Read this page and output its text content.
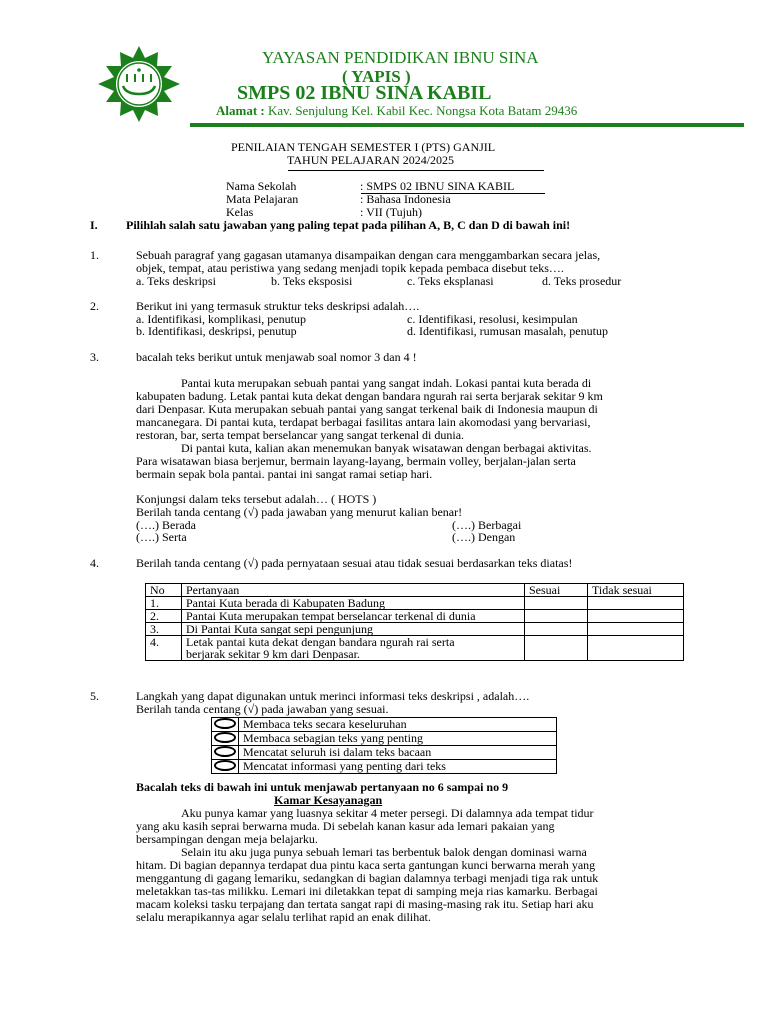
YAYASAN PENDIDIKAN IBNU SINA
( YAPIS )
SMPS 02 IBNU SINA KABIL
Alamat : Kav. Senjulung Kel. Kabil Kec. Nongsa Kota Batam 29436
PENILAIAN TENGAH SEMESTER I (PTS) GANJIL
TAHUN PELAJARAN 2024/2025
Nama Sekolah	: SMPS 02 IBNU SINA KABIL
Mata Pelajaran	: Bahasa Indonesia
Kelas	: VII (Tujuh)
I. Pilihlah salah satu jawaban yang paling tepat pada pilihan A, B, C dan D di bawah ini!
1.	Sebuah paragraf yang gagasan utamanya disampaikan dengan cara menggambarkan secara jelas,
objek, tempat, atau peristiwa yang sedang menjadi topik kepada pembaca disebut teks….
a. Teks deskripsi	b. Teks eksposisi	c. Teks eksplanasi	d. Teks prosedur
2.	Berikut ini yang termasuk struktur teks deskripsi adalah….
a. Identifikasi, komplikasi, penutup	c. Identifikasi, resolusi, kesimpulan
b. Identifikasi, deskripsi, penutup	d. Identifikasi, rumusan masalah, penutup
3.	bacalah teks berikut untuk menjawab soal nomor 3 dan 4 !
Pantai kuta merupakan sebuah pantai yang sangat indah. Lokasi pantai kuta berada di
kabupaten badung. Letak pantai kuta dekat dengan bandara ngurah rai serta berjarak sekitar 9 km
dari Denpasar. Kuta merupakan sebuah pantai yang sangat terkenal baik di Indonesia maupun di
mancanegara. Di pantai kuta, terdapat berbagai fasilitas antara lain akomodasi yang bervariasi,
restoran, bar, serta tempat berselancar yang sangat terkenal di dunia.
Di pantai kuta, kalian akan menemukan banyak wisatawan dengan berbagai aktivitas.
Para wisatawan biasa berjemur, bermain layang-layang, bermain volley, berjalan-jalan serta
bermain sepak bola pantai. pantai ini sangat ramai setiap hari.
Konjungsi dalam teks tersebut adalah… ( HOTS )
Berilah tanda centang (√) pada jawaban yang menurut kalian benar!
(….) Berada	(….) Berbagai
(….) Serta	(….) Dengan
4.	Berilah tanda centang (√) pada pernyataan sesuai atau tidak sesuai berdasarkan teks diatas!
No	Pertanyaan	Sesuai	Tidak sesuai
1.	Pantai Kuta berada di Kabupaten Badung		
2.	Pantai Kuta merupakan tempat berselancar terkenal di dunia		
3.	Di Pantai Kuta sangat sepi pengunjung		
4.	Letak pantai kuta dekat dengan bandara ngurah rai serta
berjarak sekitar 9 km dari Denpasar.		

5.	Langkah yang dapat digunakan untuk merinci informasi teks deskripsi , adalah….
Berilah tanda centang (√) pada jawaban yang sesuai.
	Membaca teks secara keseluruhan
	Membaca sebagian teks yang penting
	Mencatat seluruh isi dalam teks bacaan
	Mencatat informasi yang penting dari teks
Bacalah teks di bawah ini untuk menjawab pertanyaan no 6 sampai no 9
Kamar Kesayanagan
Aku punya kamar yang luasnya sekitar 4 meter persegi. Di dalamnya ada tempat tidur
yang aku kasih seprai berwarna muda. Di sebelah kanan kasur ada lemari pakaian yang
bersampingan dengan meja belajarku.
Selain itu aku juga punya sebuah lemari tas berbentuk balok dengan dominasi warna
hitam. Di bagian depannya terdapat dua pintu kaca serta gantungan kunci berwarna merah yang
menggantung di gagang lemariku, sedangkan di bagian dalamnya terbagi menjadi tiga rak untuk
meletakkan tas-tas milikku. Lemari ini diletakkan tepat di samping meja rias kamarku. Berbagai
macam koleksi tasku terpajang dan tertata sangat rapi di masing-masing rak itu. Setiap hari aku
selalu merapikannya agar selalu terlihat rapid an enak dilihat.
